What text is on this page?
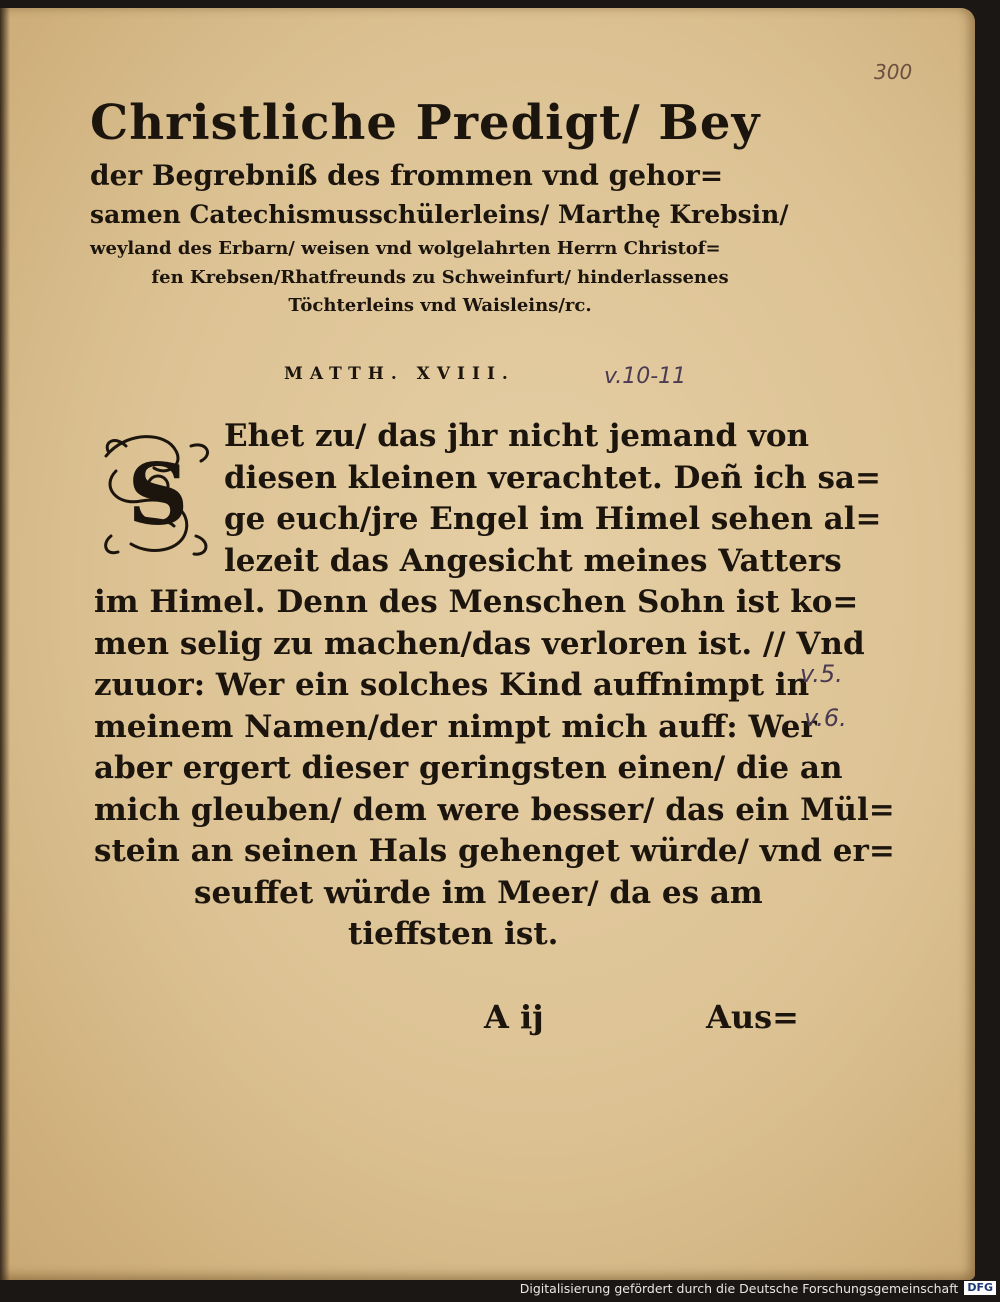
300
Christliche Predigt/ Bey
der Begrebniß des frommen vnd gehor=
samen Catechismusschülerleins/ Marthę Krebsin/
weyland des Erbarn/ weisen vnd wolgelahrten Herrn Christof=
fen Krebsen/Rhatfreunds zu Schweinfurt/ hinderlassenes
Töchterleins vnd Waisleins/rc.
MATTH. XVIII.	v.10-11
S
Ehet zu/ das jhr nicht jemand von
diesen kleinen verachtet. Deñ ich sa=
ge euch/jre Engel im Himel sehen al=
lezeit das Angesicht meines Vatters
im Himel. Denn des Menschen Sohn ist ko=
men selig zu machen/das verloren ist. // Vnd
zuuor: Wer ein solches Kind auffnimpt in
meinem Namen/der nimpt mich auff: Wer
aber ergert dieser geringsten einen/ die an
mich gleuben/ dem were besser/ das ein Mül=
stein an seinen Hals gehenget würde/ vnd er=
seuffet würde im Meer/ da es am
tieffsten ist.
v.5.
v.6.
A ij	Aus=
Digitalisierung gefördert durch die Deutsche Forschungsgemeinschaft DFG
